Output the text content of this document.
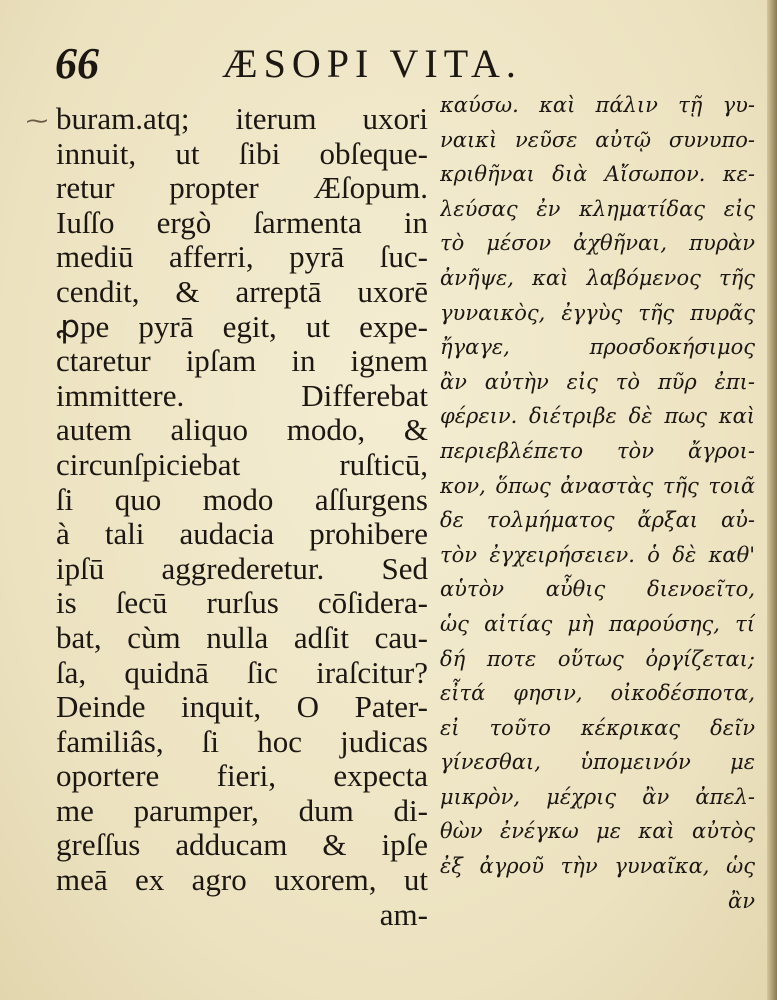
66	ÆSOPI VITA.
⁓ buram.atq; iterum uxori
innuit, ut ſibi obſeque-
retur propter Æſopum.
Iuſſo ergò ſarmenta in
mediū afferri, pyrā ſuc-
cendit, & arreptā uxorē
ꝓpe pyrā egit, ut expe-
ctaretur ipſam in ignem
immittere. Differebat
autem aliquo modo, &
circunſpiciebat ruſticū,
ſi quo modo aſſurgens
à tali audacia prohibere
ipſū aggrederetur. Sed
is ſecū rurſus cōſidera-
bat, cùm nulla adſit cau-
ſa, quidnā ſic iraſcitur?
Deinde inquit, O Pater-
familiâs, ſi hoc judicas
oportere fieri, expecta
me parumper, dum di-
greſſus adducam & ipſe
meā ex agro uxorem, ut
am-
καύσω. καὶ πάλιν τῇ γυ-
ναικὶ νεῦσε αὐτῷ συνυπο-
κριθῆναι διὰ Αἴσωπον. κε-
λεύσας ἐν κληματίδας εἰς
τὸ μέσον ἀχθῆναι, πυρὰν
ἀνῆψε, καὶ λαβόμενος τῆς
γυναικὸς, ἐγγὺς τῆς πυρᾶς
ἤγαγε, προσδοκήσιμος
ἂν αὐτὴν εἰς τὸ πῦρ ἐπι-
φέρειν. διέτριβε δὲ πως καὶ
περιεβλέπετο τὸν ἄγροι-
κον, ὅπως ἀναστὰς τῆς τοιᾶ
δε τολμήματος ἄρξαι αὐ-
τὸν ἐγχειρήσειεν. ὁ δὲ καθ'
αὑτὸν αὖθις διενοεῖτο,
ὡς αἰτίας μὴ παρούσης, τί
δή ποτε οὕτως ὀργίζεται;
εἶτά φησιν, οἰκοδέσποτα,
εἰ τοῦτο κέκρικας δεῖν
γίνεσθαι, ὑπομεινόν με
μικρὸν, μέχρις ἂν ἀπελ-
θὼν ἐνέγκω με καὶ αὐτὸς
ἐξ ἀγροῦ τὴν γυναῖκα, ὡς
ἂν
